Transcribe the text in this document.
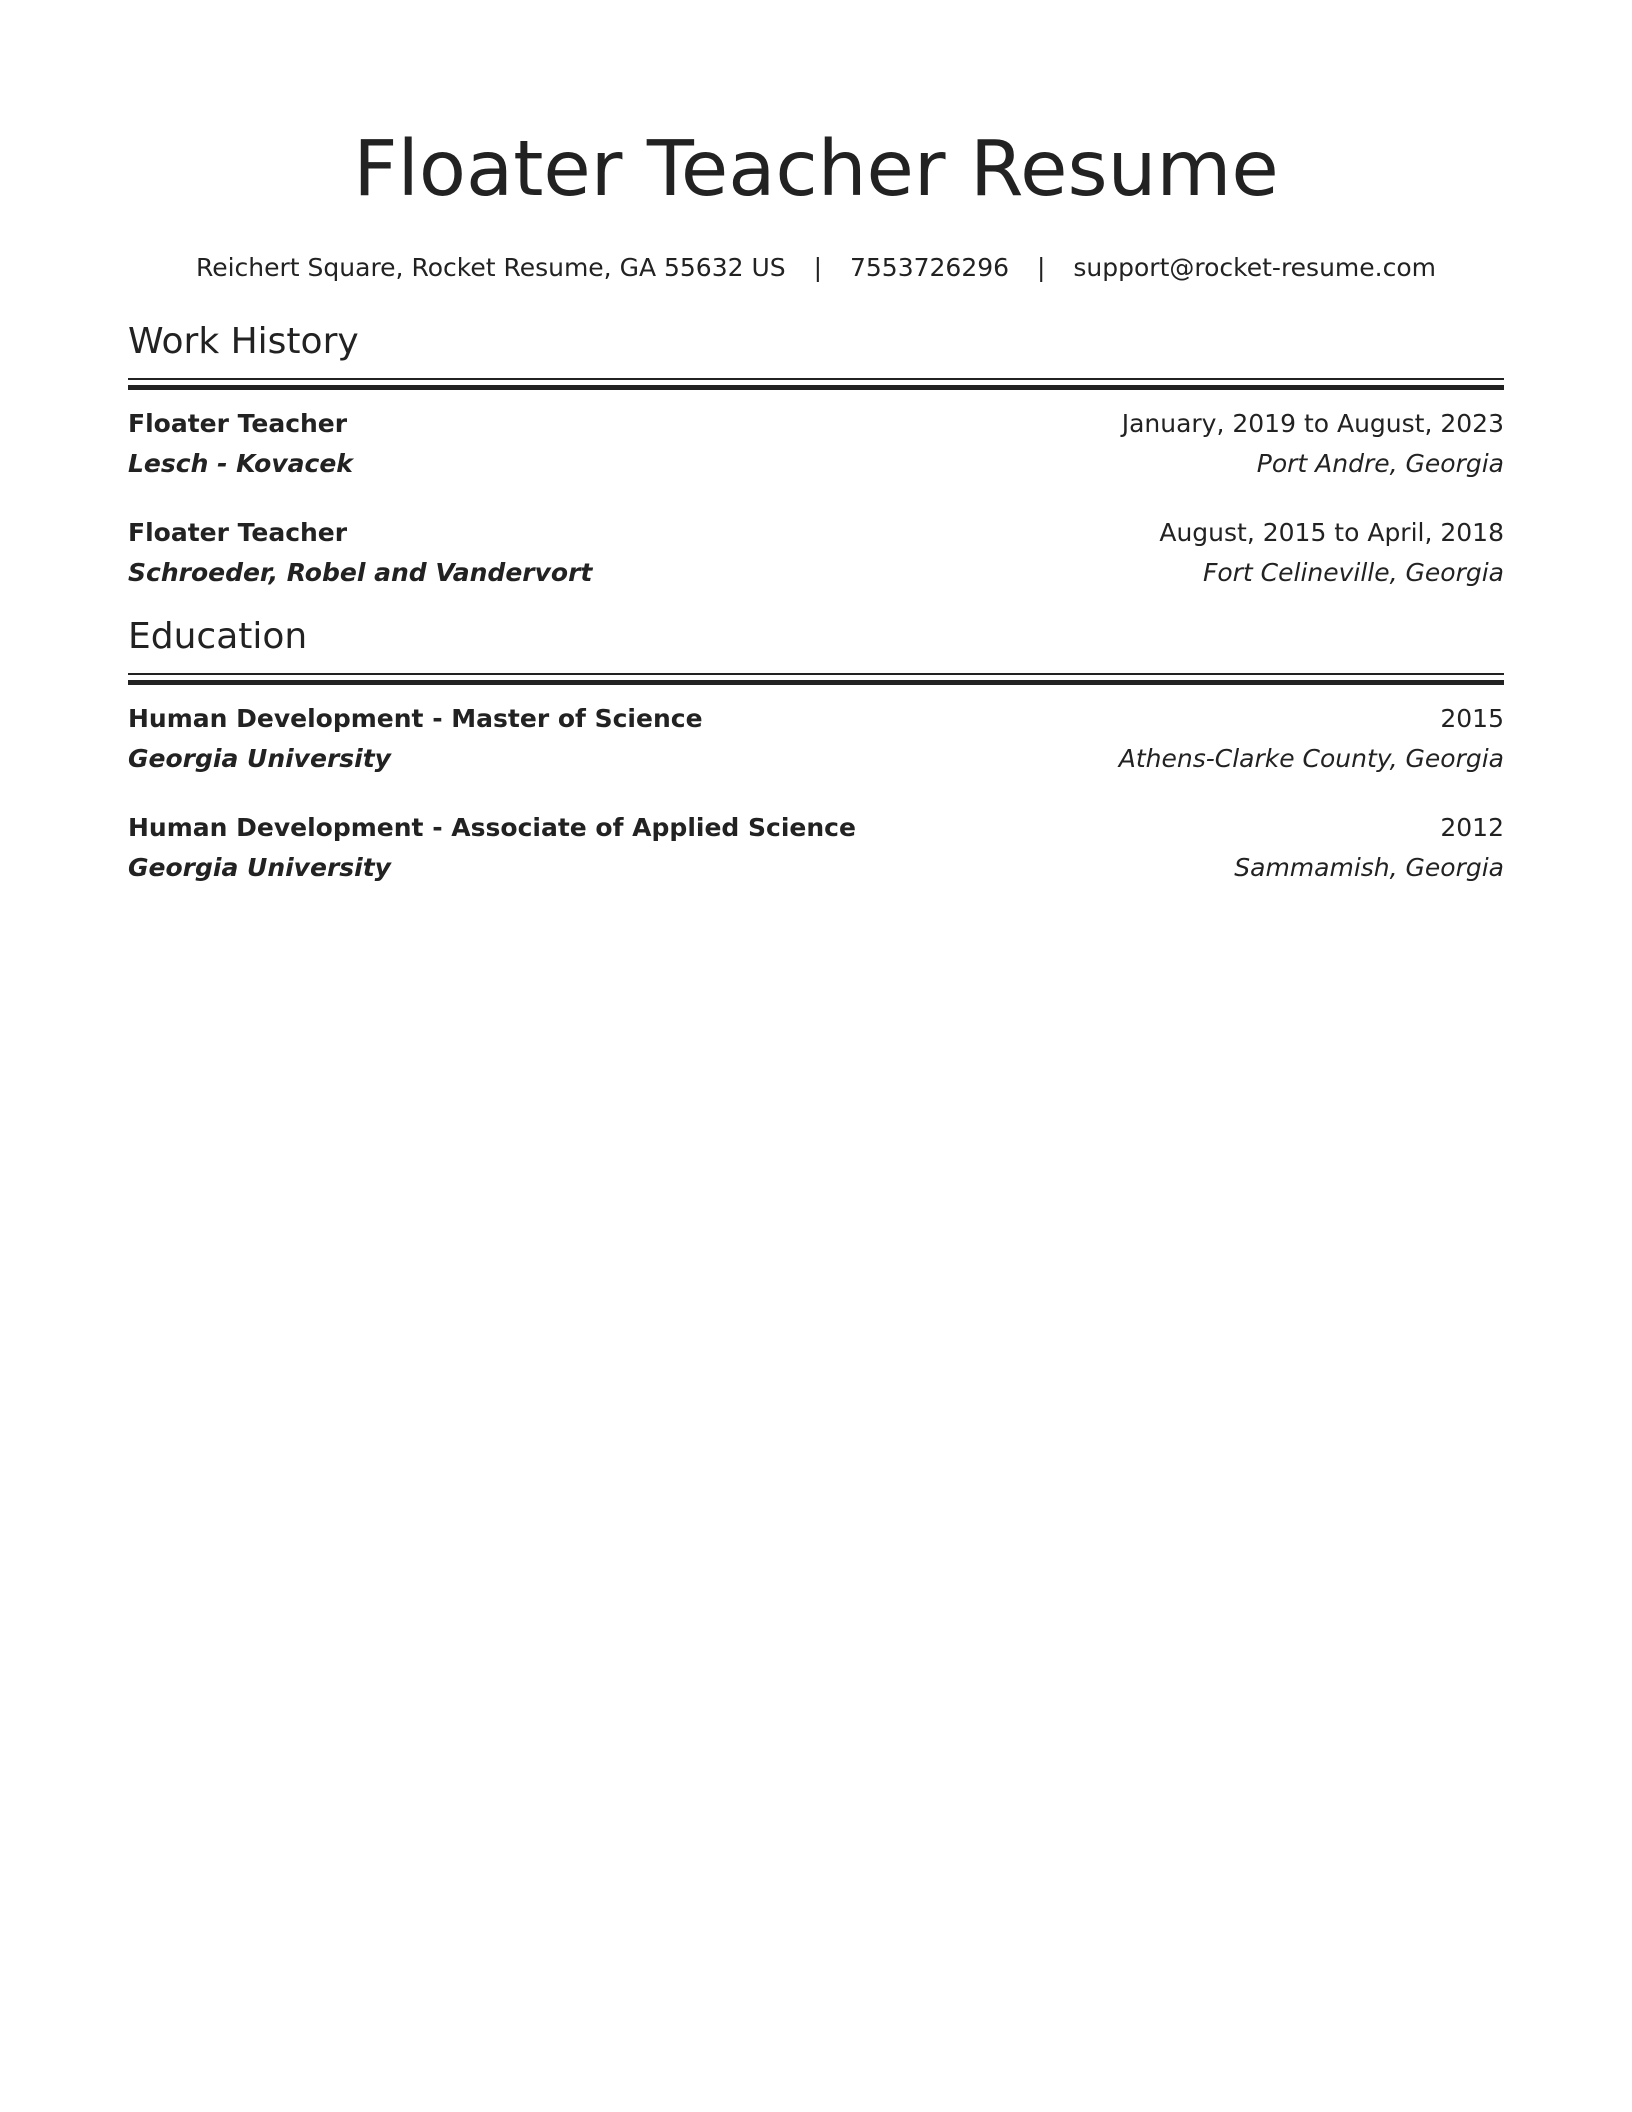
Floater Teacher Resume
Reichert Square, Rocket Resume, GA 55632 US | 7553726296 | support@rocket-resume.com
Work History
Floater Teacher	January, 2019 to August, 2023
Lesch - Kovacek	Port Andre, Georgia
Floater Teacher	August, 2015 to April, 2018
Schroeder, Robel and Vandervort	Fort Celineville, Georgia
Education
Human Development - Master of Science	2015
Georgia University	Athens-Clarke County, Georgia
Human Development - Associate of Applied Science	2012
Georgia University	Sammamish, Georgia
